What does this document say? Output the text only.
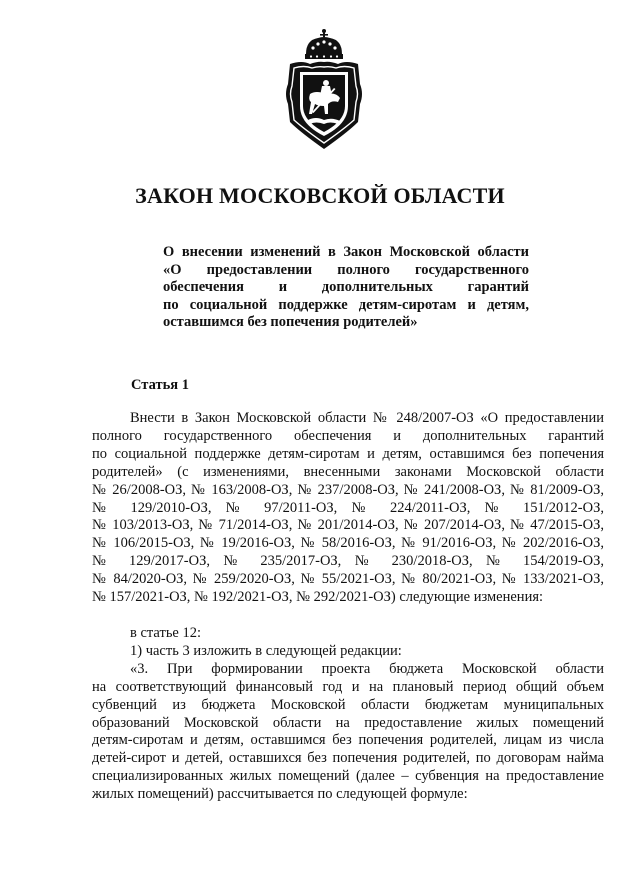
ЗАКОН МОСКОВСКОЙ ОБЛАСТИ
О внесении изменений в Закон Московской области
«О предоставлении полного государственного
обеспечения и дополнительных гарантий
по социальной поддержке детям-сиротам и детям,
оставшимся без попечения родителей»
Статья 1
Внести в Закон Московской области № 248/2007-ОЗ «О предоставлении
полного государственного обеспечения и дополнительных гарантий
по социальной поддержке детям-сиротам и детям, оставшимся без попечения
родителей» (с изменениями, внесенными законами Московской области
№ 26/2008-ОЗ, № 163/2008-ОЗ, № 237/2008-ОЗ, № 241/2008-ОЗ, № 81/2009-ОЗ,
№ 129/2010-ОЗ, № 97/2011-ОЗ, № 224/2011-ОЗ, № 151/2012-ОЗ,
№ 103/2013-ОЗ, № 71/2014-ОЗ, № 201/2014-ОЗ, № 207/2014-ОЗ, № 47/2015-ОЗ,
№ 106/2015-ОЗ, № 19/2016-ОЗ, № 58/2016-ОЗ, № 91/2016-ОЗ, № 202/2016-ОЗ,
№ 129/2017-ОЗ, № 235/2017-ОЗ, № 230/2018-ОЗ, № 154/2019-ОЗ,
№ 84/2020-ОЗ, № 259/2020-ОЗ, № 55/2021-ОЗ, № 80/2021-ОЗ, № 133/2021-ОЗ,
№ 157/2021-ОЗ, № 192/2021-ОЗ, № 292/2021-ОЗ) следующие изменения:
в статье 12:
1) часть 3 изложить в следующей редакции:
«3. При формировании проекта бюджета Московской области
на соответствующий финансовый год и на плановый период общий объем
субвенций из бюджета Московской области бюджетам муниципальных
образований Московской области на предоставление жилых помещений
детям-сиротам и детям, оставшимся без попечения родителей, лицам из числа
детей-сирот и детей, оставшихся без попечения родителей, по договорам найма
специализированных жилых помещений (далее – субвенция на предоставление
жилых помещений) рассчитывается по следующей формуле:
